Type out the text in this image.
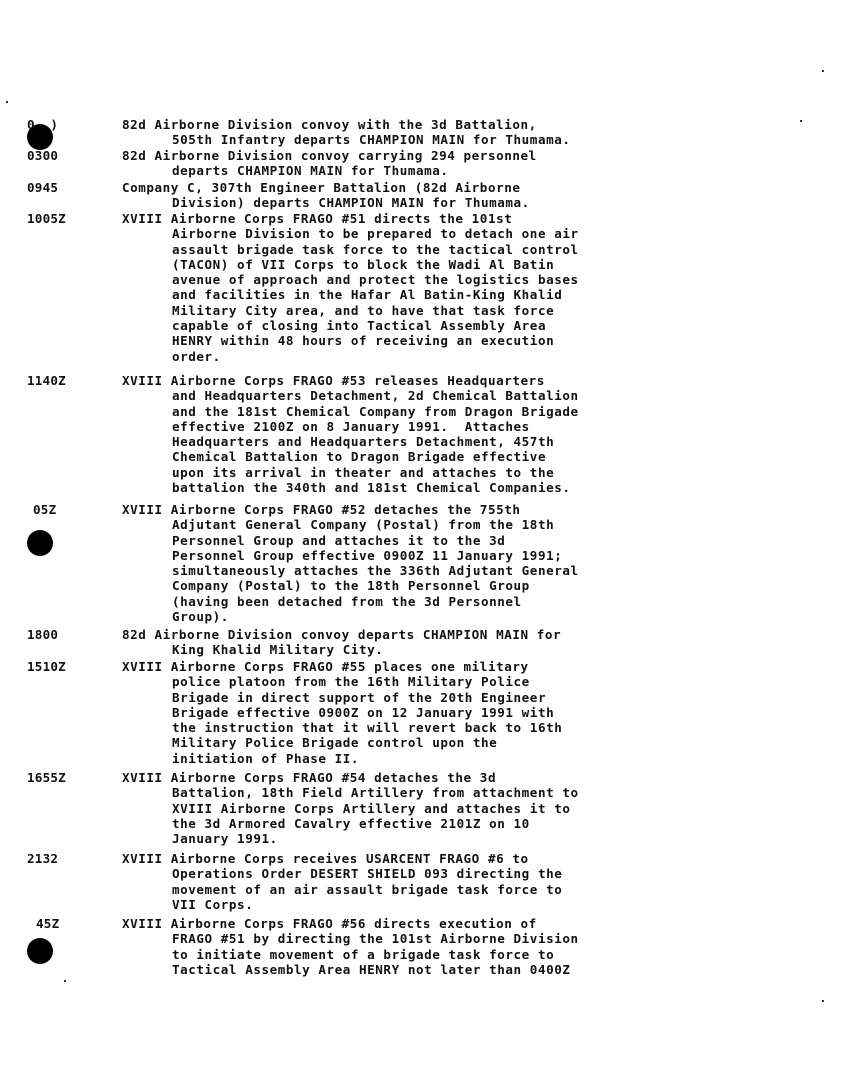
0  )	82d Airborne Division convoy with the 3d Battalion,
505th Infantry departs CHAMPION MAIN for Thumama.
0300	82d Airborne Division convoy carrying 294 personnel
departs CHAMPION MAIN for Thumama.
0945	Company C, 307th Engineer Battalion (82d Airborne
Division) departs CHAMPION MAIN for Thumama.
1005Z	XVIII Airborne Corps FRAGO #51 directs the 101st
Airborne Division to be prepared to detach one air
assault brigade task force to the tactical control
(TACON) of VII Corps to block the Wadi Al Batin
avenue of approach and protect the logistics bases
and facilities in the Hafar Al Batin-King Khalid
Military City area, and to have that task force
capable of closing into Tactical Assembly Area
HENRY within 48 hours of receiving an execution
order.
1140Z	XVIII Airborne Corps FRAGO #53 releases Headquarters
and Headquarters Detachment, 2d Chemical Battalion
and the 181st Chemical Company from Dragon Brigade
effective 2100Z on 8 January 1991.  Attaches
Headquarters and Headquarters Detachment, 457th
Chemical Battalion to Dragon Brigade effective
upon its arrival in theater and attaches to the
battalion the 340th and 181st Chemical Companies.
05Z	XVIII Airborne Corps FRAGO #52 detaches the 755th
Adjutant General Company (Postal) from the 18th
Personnel Group and attaches it to the 3d
Personnel Group effective 0900Z 11 January 1991;
simultaneously attaches the 336th Adjutant General
Company (Postal) to the 18th Personnel Group
(having been detached from the 3d Personnel
Group).
1800	82d Airborne Division convoy departs CHAMPION MAIN for
King Khalid Military City.
1510Z	XVIII Airborne Corps FRAGO #55 places one military
police platoon from the 16th Military Police
Brigade in direct support of the 20th Engineer
Brigade effective 0900Z on 12 January 1991 with
the instruction that it will revert back to 16th
Military Police Brigade control upon the
initiation of Phase II.
1655Z	XVIII Airborne Corps FRAGO #54 detaches the 3d
Battalion, 18th Field Artillery from attachment to
XVIII Airborne Corps Artillery and attaches it to
the 3d Armored Cavalry effective 2101Z on 10
January 1991.
2132	XVIII Airborne Corps receives USARCENT FRAGO #6 to
Operations Order DESERT SHIELD 093 directing the
movement of an air assault brigade task force to
VII Corps.
45Z	XVIII Airborne Corps FRAGO #56 directs execution of
FRAGO #51 by directing the 101st Airborne Division
to initiate movement of a brigade task force to
Tactical Assembly Area HENRY not later than 0400Z
